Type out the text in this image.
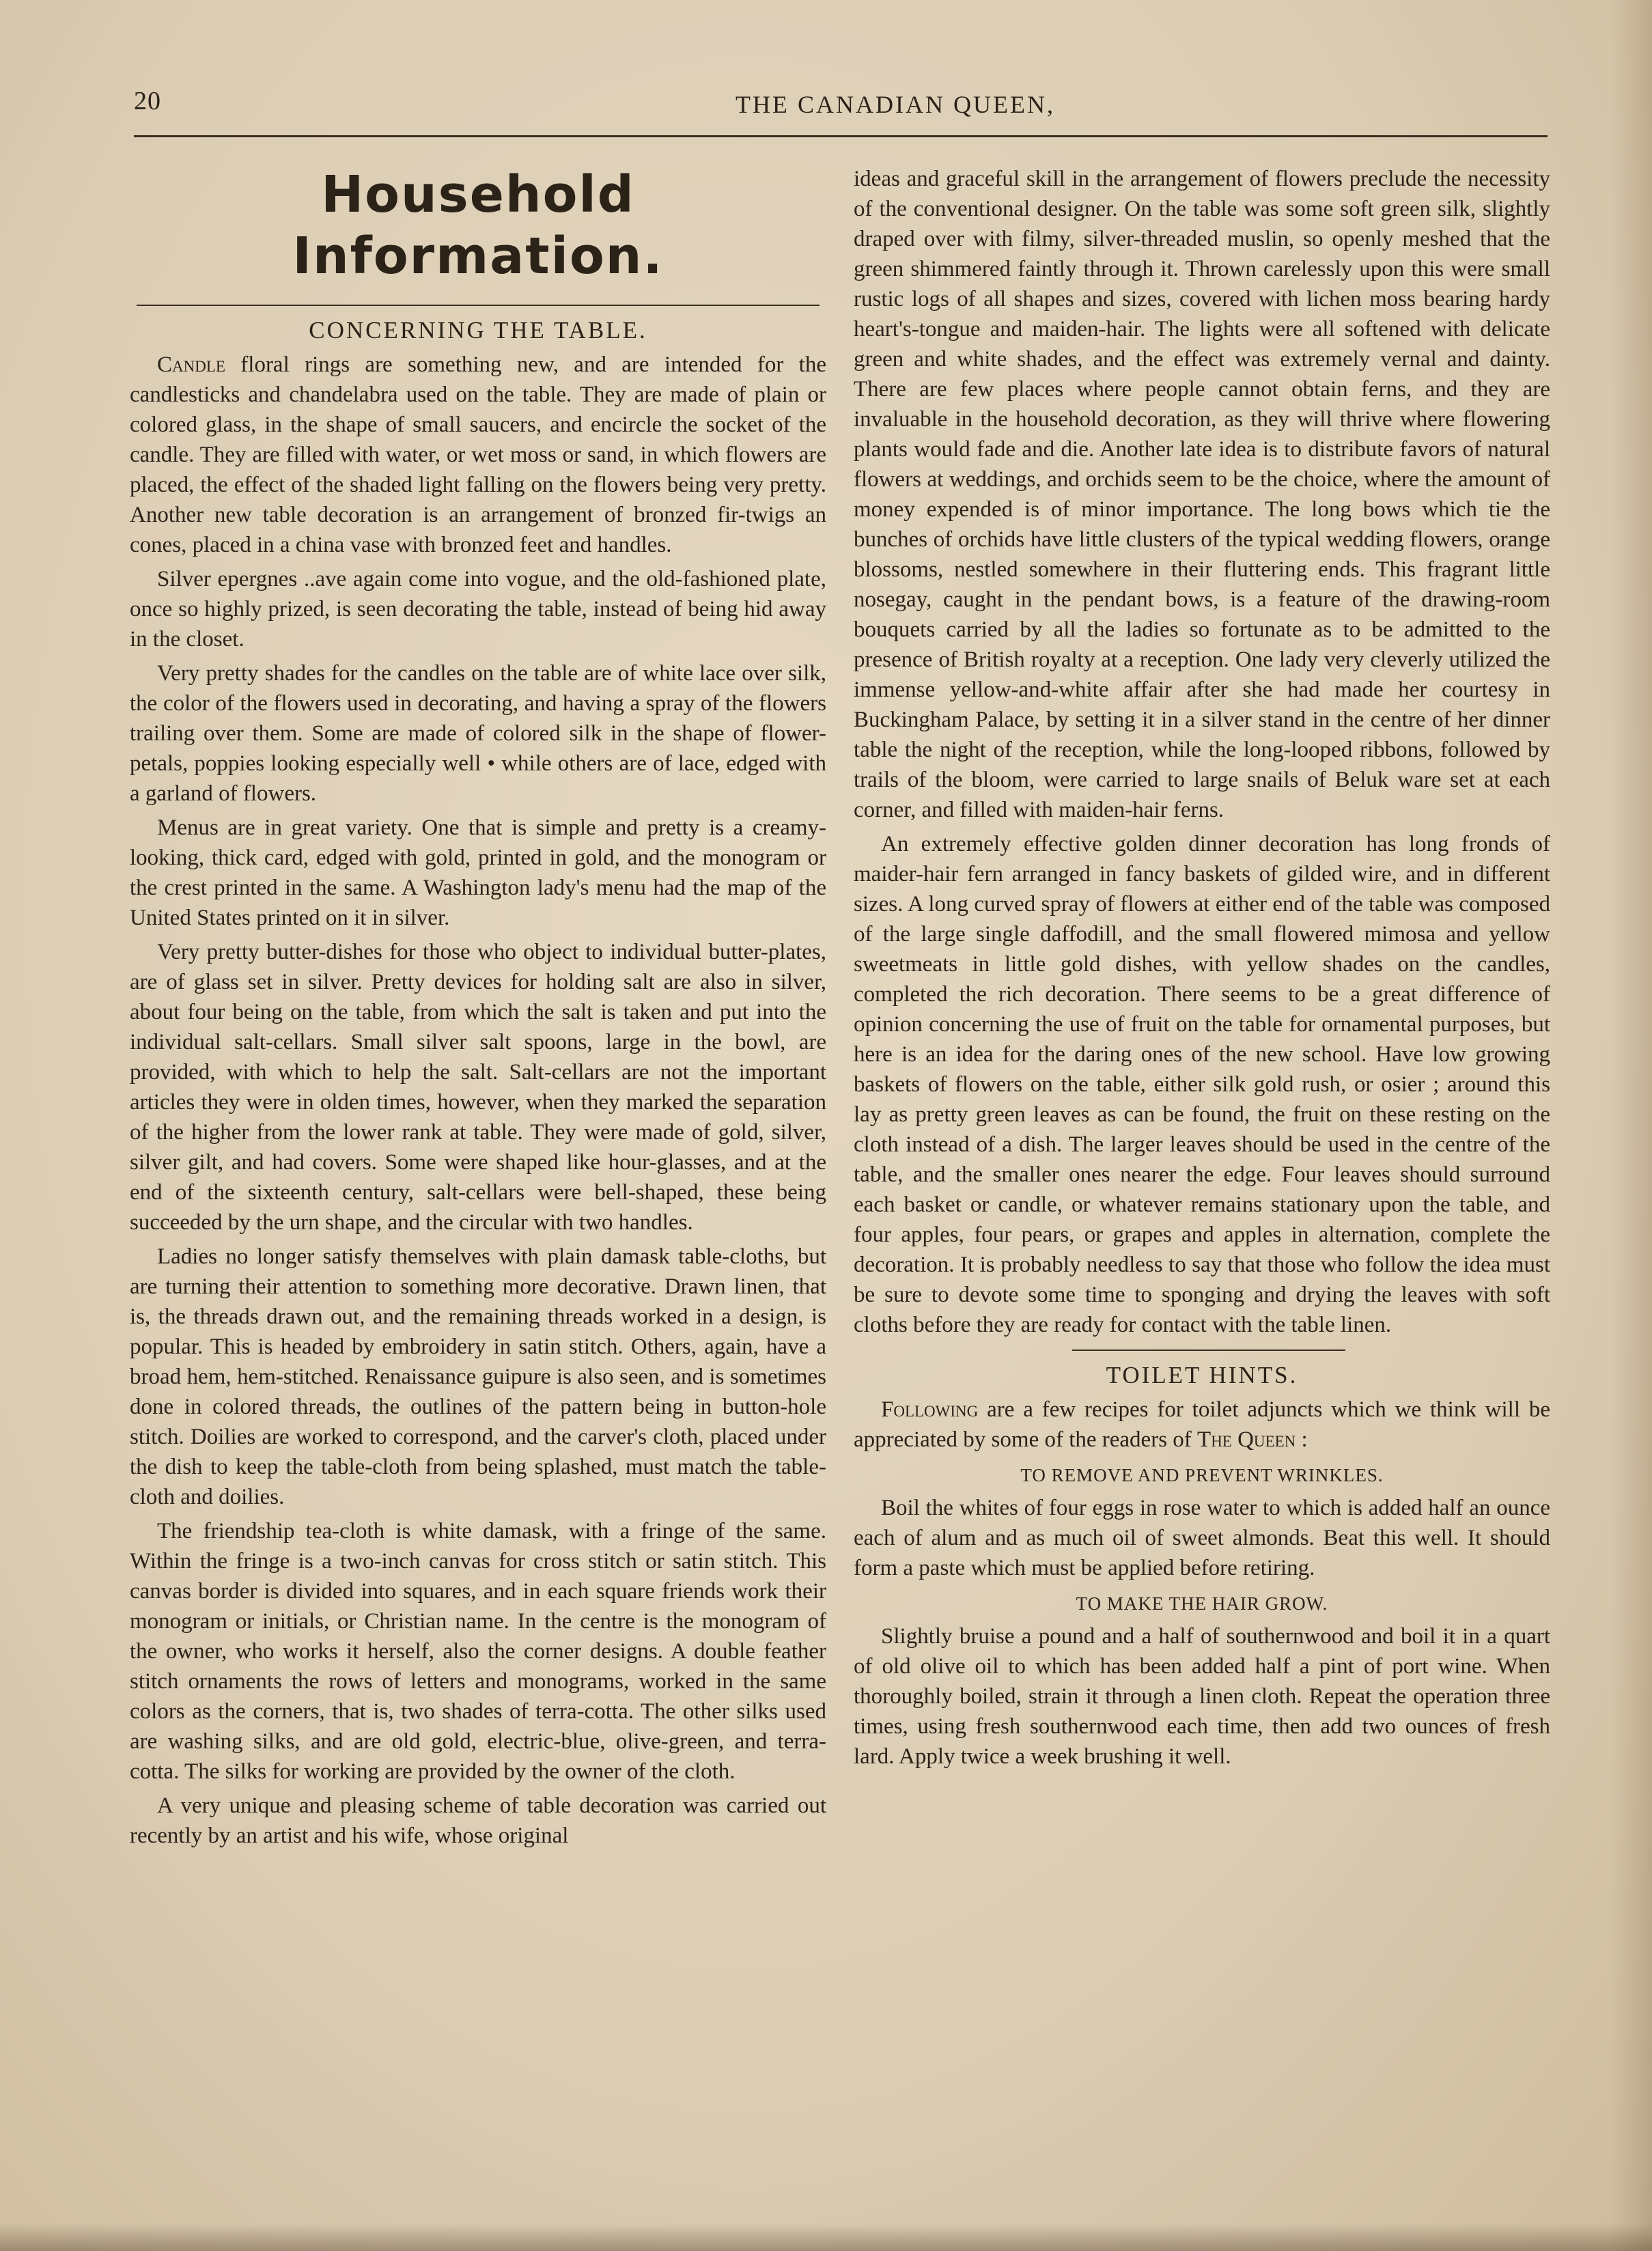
20	THE CANADIAN QUEEN,
Household Information.
CONCERNING THE TABLE.

Candle floral rings are something new, and are intended for the candlesticks and chandelabra used on the table. They are made of plain or colored glass, in the shape of small saucers, and encircle the socket of the candle. They are filled with water, or wet moss or sand, in which flowers are placed, the effect of the shaded light falling on the flowers being very pretty. Another new table decoration is an arrangement of bronzed fir-twigs an cones, placed in a china vase with bronzed feet and handles.

Silver epergnes ..ave again come into vogue, and the old-fashioned plate, once so highly prized, is seen decorating the table, instead of being hid away in the closet.

Very pretty shades for the candles on the table are of white lace over silk, the color of the flowers used in decorating, and having a spray of the flowers trailing over them. Some are made of colored silk in the shape of flower-petals, poppies looking especially well • while others are of lace, edged with a garland of flowers.

Menus are in great variety. One that is simple and pretty is a creamy-looking, thick card, edged with gold, printed in gold, and the monogram or the crest printed in the same. A Washington lady's menu had the map of the United States printed on it in silver.

Very pretty butter-dishes for those who object to individual butter-plates, are of glass set in silver. Pretty devices for holding salt are also in silver, about four being on the table, from which the salt is taken and put into the individual salt-cellars. Small silver salt spoons, large in the bowl, are provided, with which to help the salt. Salt-cellars are not the important articles they were in olden times, however, when they marked the separation of the higher from the lower rank at table. They were made of gold, silver, silver gilt, and had covers. Some were shaped like hour-glasses, and at the end of the sixteenth century, salt-cellars were bell-shaped, these being succeeded by the urn shape, and the circular with two handles.

Ladies no longer satisfy themselves with plain damask table-cloths, but are turning their attention to something more decorative. Drawn linen, that is, the threads drawn out, and the remaining threads worked in a design, is popular. This is headed by embroidery in satin stitch. Others, again, have a broad hem, hem-stitched. Renaissance guipure is also seen, and is sometimes done in colored threads, the outlines of the pattern being in button-hole stitch. Doilies are worked to correspond, and the carver's cloth, placed under the dish to keep the table-cloth from being splashed, must match the table-cloth and doilies.

The friendship tea-cloth is white damask, with a fringe of the same. Within the fringe is a two-inch canvas for cross stitch or satin stitch. This canvas border is divided into squares, and in each square friends work their monogram or initials, or Christian name. In the centre is the monogram of the owner, who works it herself, also the corner designs. A double feather stitch ornaments the rows of letters and monograms, worked in the same colors as the corners, that is, two shades of terra-cotta. The other silks used are washing silks, and are old gold, electric-blue, olive-green, and terra-cotta. The silks for working are provided by the owner of the cloth.

A very unique and pleasing scheme of table decoration was carried out recently by an artist and his wife, whose original

ideas and graceful skill in the arrangement of flowers preclude the necessity of the conventional designer. On the table was some soft green silk, slightly draped over with filmy, silver-threaded muslin, so openly meshed that the green shimmered faintly through it. Thrown carelessly upon this were small rustic logs of all shapes and sizes, covered with lichen moss bearing hardy heart's-tongue and maiden-hair. The lights were all softened with delicate green and white shades, and the effect was extremely vernal and dainty. There are few places where people cannot obtain ferns, and they are invaluable in the household decoration, as they will thrive where flowering plants would fade and die. Another late idea is to distribute favors of natural flowers at weddings, and orchids seem to be the choice, where the amount of money expended is of minor importance. The long bows which tie the bunches of orchids have little clusters of the typical wedding flowers, orange blossoms, nestled somewhere in their fluttering ends. This fragrant little nosegay, caught in the pendant bows, is a feature of the drawing-room bouquets carried by all the ladies so fortunate as to be admitted to the presence of British royalty at a reception. One lady very cleverly utilized the immense yellow-and-white affair after she had made her courtesy in Buckingham Palace, by setting it in a silver stand in the centre of her dinner table the night of the reception, while the long-looped ribbons, followed by trails of the bloom, were carried to large snails of Beluk ware set at each corner, and filled with maiden-hair ferns.

An extremely effective golden dinner decoration has long fronds of maider-hair fern arranged in fancy baskets of gilded wire, and in different sizes. A long curved spray of flowers at either end of the table was composed of the large single daffodill, and the small flowered mimosa and yellow sweetmeats in little gold dishes, with yellow shades on the candles, completed the rich decoration. There seems to be a great difference of opinion concerning the use of fruit on the table for ornamental purposes, but here is an idea for the daring ones of the new school. Have low growing baskets of flowers on the table, either silk gold rush, or osier ; around this lay as pretty green leaves as can be found, the fruit on these resting on the cloth instead of a dish. The larger leaves should be used in the centre of the table, and the smaller ones nearer the edge. Four leaves should surround each basket or candle, or whatever remains stationary upon the table, and four apples, four pears, or grapes and apples in alternation, complete the decoration. It is probably needless to say that those who follow the idea must be sure to devote some time to sponging and drying the leaves with soft cloths before they are ready for contact with the table linen.

TOILET HINTS.

Following are a few recipes for toilet adjuncts which we think will be appreciated by some of the readers of The Queen :

TO REMOVE AND PREVENT WRINKLES.

Boil the whites of four eggs in rose water to which is added half an ounce each of alum and as much oil of sweet almonds. Beat this well. It should form a paste which must be applied before retiring.

TO MAKE THE HAIR GROW.

Slightly bruise a pound and a half of southernwood and boil it in a quart of old olive oil to which has been added half a pint of port wine. When thoroughly boiled, strain it through a linen cloth. Repeat the operation three times, using fresh southernwood each time, then add two ounces of fresh lard. Apply twice a week brushing it well.
